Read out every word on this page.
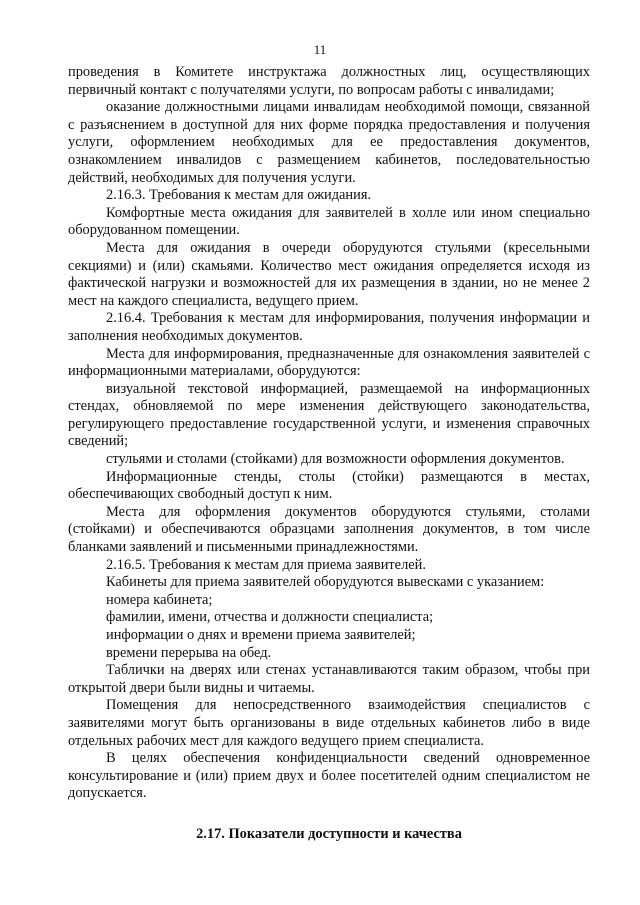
11

проведения в Комитете инструктажа должностных лиц, осуществляющих первичный контакт с получателями услуги, по вопросам работы с инвалидами;

оказание должностными лицами инвалидам необходимой помощи, связанной с разъяснением в доступной для них форме порядка предоставления и получения услуги, оформлением необходимых для ее предоставления документов, ознакомлением инвалидов с размещением кабинетов, последовательностью действий, необходимых для получения услуги.

2.16.3. Требования к местам для ожидания.

Комфортные места ожидания для заявителей в холле или ином специально оборудованном помещении.

Места для ожидания в очереди оборудуются стульями (кресельными секциями) и (или) скамьями. Количество мест ожидания определяется исходя из фактической нагрузки и возможностей для их размещения в здании, но не менее 2 мест на каждого специалиста, ведущего прием.

2.16.4. Требования к местам для информирования, получения информации и заполнения необходимых документов.

Места для информирования, предназначенные для ознакомления заявителей с информационными материалами, оборудуются:

визуальной текстовой информацией, размещаемой на информационных стендах, обновляемой по мере изменения действующего законодательства, регулирующего предоставление государственной услуги, и изменения справочных сведений;

стульями и столами (стойками) для возможности оформления документов.

Информационные стенды, столы (стойки) размещаются в местах, обеспечивающих свободный доступ к ним.

Места для оформления документов оборудуются стульями, столами (стойками) и обеспечиваются образцами заполнения документов, в том числе бланками заявлений и письменными принадлежностями.

2.16.5. Требования к местам для приема заявителей.

Кабинеты для приема заявителей оборудуются вывесками с указанием:

номера кабинета;

фамилии, имени, отчества и должности специалиста;

информации о днях и времени приема заявителей;

времени перерыва на обед.

Таблички на дверях или стенах устанавливаются таким образом, чтобы при открытой двери были видны и читаемы.

Помещения для непосредственного взаимодействия специалистов с заявителями могут быть организованы в виде отдельных кабинетов либо в виде отдельных рабочих мест для каждого ведущего прием специалиста.

В целях обеспечения конфиденциальности сведений одновременное консультирование и (или) прием двух и более посетителей одним специалистом не допускается.

2.17. Показатели доступности и качества
